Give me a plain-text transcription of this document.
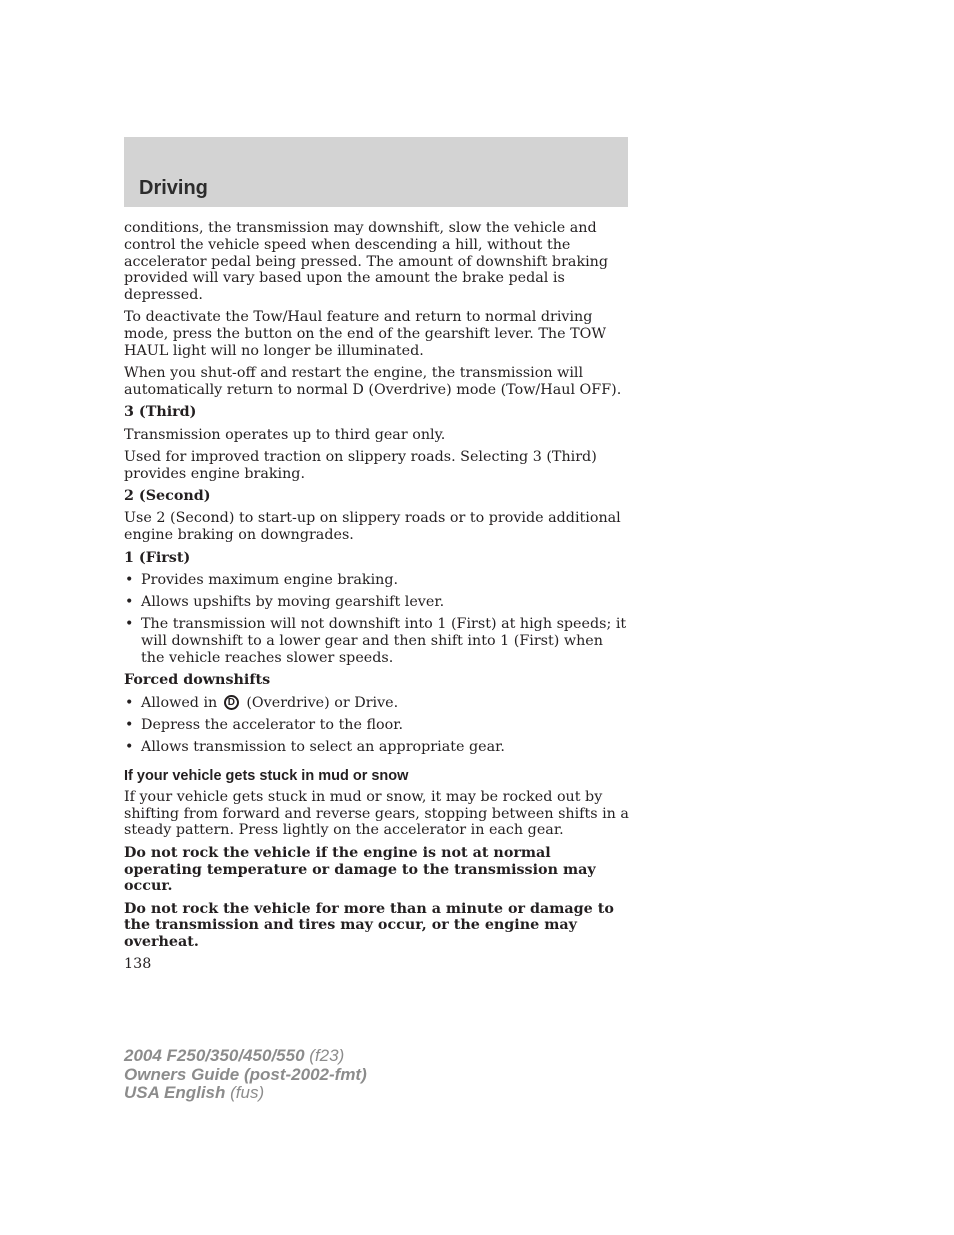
Driving

conditions, the transmission may downshift, slow the vehicle and control the vehicle speed when descending a hill, without the accelerator pedal being pressed. The amount of downshift braking provided will vary based upon the amount the brake pedal is depressed.

To deactivate the Tow/Haul feature and return to normal driving mode, press the button on the end of the gearshift lever. The TOW HAUL light will no longer be illuminated.

When you shut-off and restart the engine, the transmission will automatically return to normal D (Overdrive) mode (Tow/Haul OFF).

3 (Third)

Transmission operates up to third gear only.

Used for improved traction on slippery roads. Selecting 3 (Third) provides engine braking.

2 (Second)

Use 2 (Second) to start-up on slippery roads or to provide additional engine braking on downgrades.

1 (First)

• Provides maximum engine braking.
• Allows upshifts by moving gearshift lever.
• The transmission will not downshift into 1 (First) at high speeds; it will downshift to a lower gear and then shift into 1 (First) when the vehicle reaches slower speeds.

Forced downshifts

• Allowed in D (Overdrive) or Drive.
• Depress the accelerator to the floor.
• Allows transmission to select an appropriate gear.

If your vehicle gets stuck in mud or snow

If your vehicle gets stuck in mud or snow, it may be rocked out by shifting from forward and reverse gears, stopping between shifts in a steady pattern. Press lightly on the accelerator in each gear.

Do not rock the vehicle if the engine is not at normal operating temperature or damage to the transmission may occur.

Do not rock the vehicle for more than a minute or damage to the transmission and tires may occur, or the engine may overheat.

138

2004 F250/350/450/550 (f23)
Owners Guide (post-2002-fmt)
USA English (fus)
